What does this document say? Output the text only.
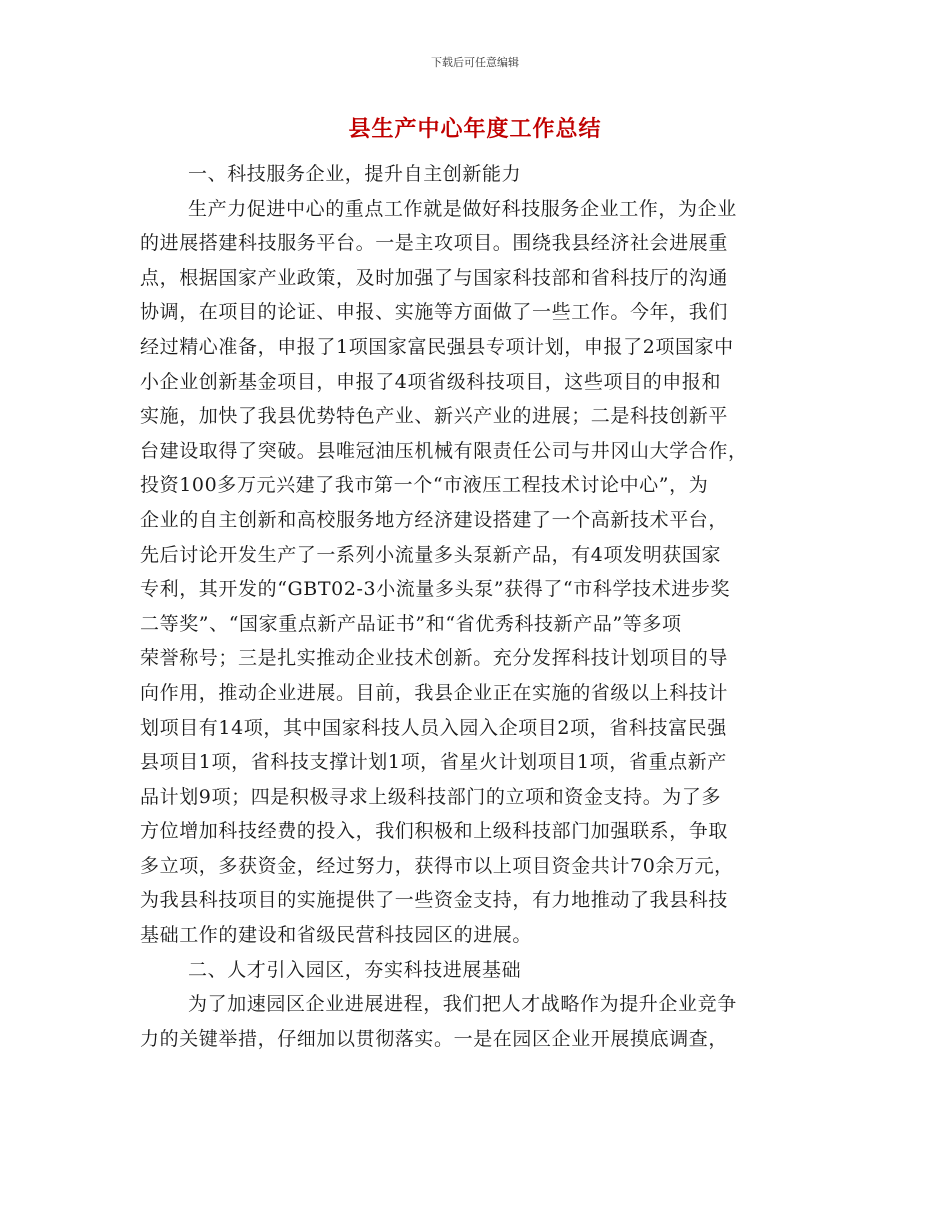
下载后可任意编辑
县生产中心年度工作总结
一、科技服务企业，提升自主创新能力
生产力促进中心的重点工作就是做好科技服务企业工作，为企业
的进展搭建科技服务平台。一是主攻项目。围绕我县经济社会进展重
点，根据国家产业政策，及时加强了与国家科技部和省科技厅的沟通
协调，在项目的论证、申报、实施等方面做了一些工作。今年，我们
经过精心准备，申报了1项国家富民强县专项计划，申报了2项国家中
小企业创新基金项目，申报了4项省级科技项目，这些项目的申报和
实施，加快了我县优势特色产业、新兴产业的进展；二是科技创新平
台建设取得了突破。县唯冠油压机械有限责任公司与井冈山大学合作，
投资100多万元兴建了我市第一个“市液压工程技术讨论中心”，为
企业的自主创新和高校服务地方经济建设搭建了一个高新技术平台，
先后讨论开发生产了一系列小流量多头泵新产品，有4项发明获国家
专利，其开发的“GBT02-3小流量多头泵”获得了“市科学技术进步奖
二等奖”、“国家重点新产品证书”和“省优秀科技新产品”等多项
荣誉称号；三是扎实推动企业技术创新。充分发挥科技计划项目的导
向作用，推动企业进展。目前，我县企业正在实施的省级以上科技计
划项目有14项，其中国家科技人员入园入企项目2项，省科技富民强
县项目1项，省科技支撑计划1项，省星火计划项目1项，省重点新产
品计划9项；四是积极寻求上级科技部门的立项和资金支持。为了多
方位增加科技经费的投入，我们积极和上级科技部门加强联系，争取
多立项，多获资金，经过努力，获得市以上项目资金共计70余万元，
为我县科技项目的实施提供了一些资金支持，有力地推动了我县科技
基础工作的建设和省级民营科技园区的进展。
二、人才引入园区，夯实科技进展基础
为了加速园区企业进展进程，我们把人才战略作为提升企业竞争
力的关键举措，仔细加以贯彻落实。一是在园区企业开展摸底调查，
